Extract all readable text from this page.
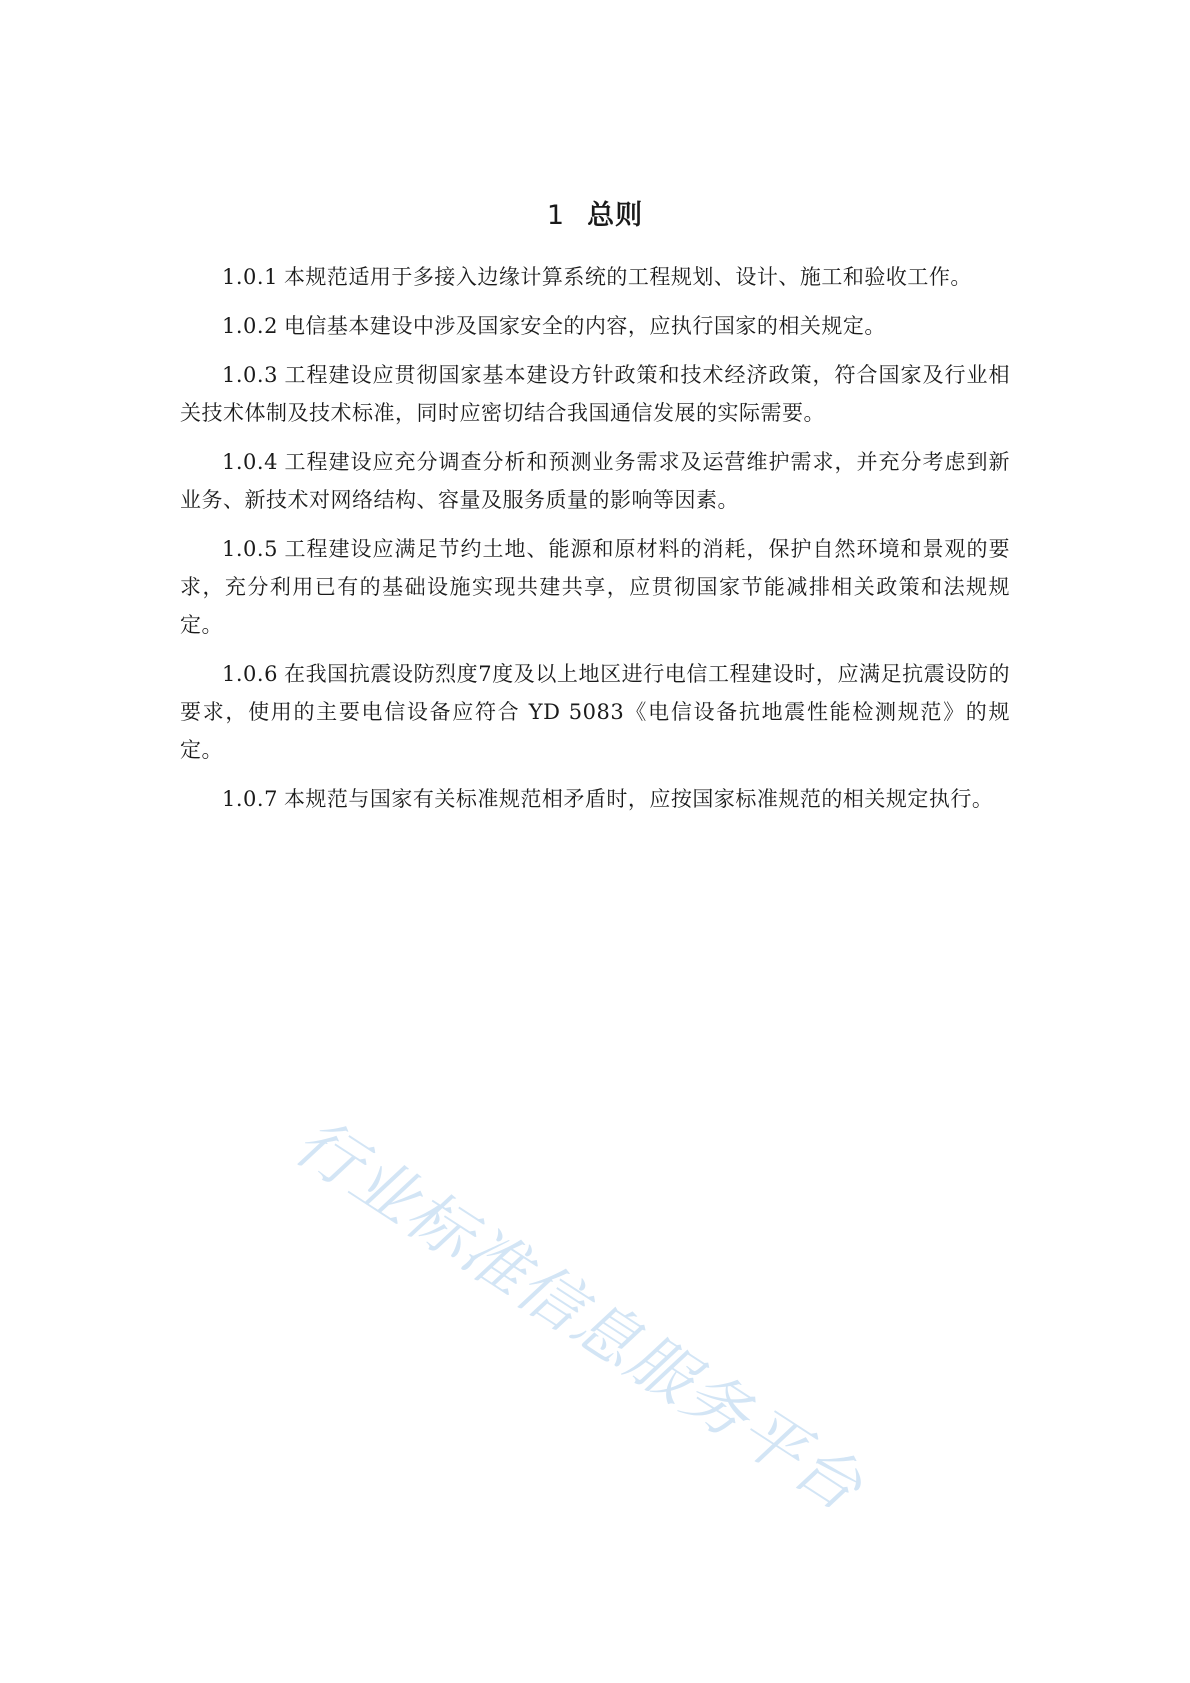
1 总则

1.0.1 本规范适用于多接入边缘计算系统的工程规划、设计、施工和验收工作。

1.0.2 电信基本建设中涉及国家安全的内容，应执行国家的相关规定。

1.0.3 工程建设应贯彻国家基本建设方针政策和技术经济政策，符合国家及行业相关技术体制及技术标准，同时应密切结合我国通信发展的实际需要。

1.0.4 工程建设应充分调查分析和预测业务需求及运营维护需求，并充分考虑到新业务、新技术对网络结构、容量及服务质量的影响等因素。

1.0.5 工程建设应满足节约土地、能源和原材料的消耗，保护自然环境和景观的要求，充分利用已有的基础设施实现共建共享，应贯彻国家节能减排相关政策和法规规定。

1.0.6 在我国抗震设防烈度7度及以上地区进行电信工程建设时，应满足抗震设防的要求，使用的主要电信设备应符合 YD 5083《电信设备抗地震性能检测规范》的规定。

1.0.7 本规范与国家有关标准规范相矛盾时，应按国家标准规范的相关规定执行。

行业标准信息服务平台
